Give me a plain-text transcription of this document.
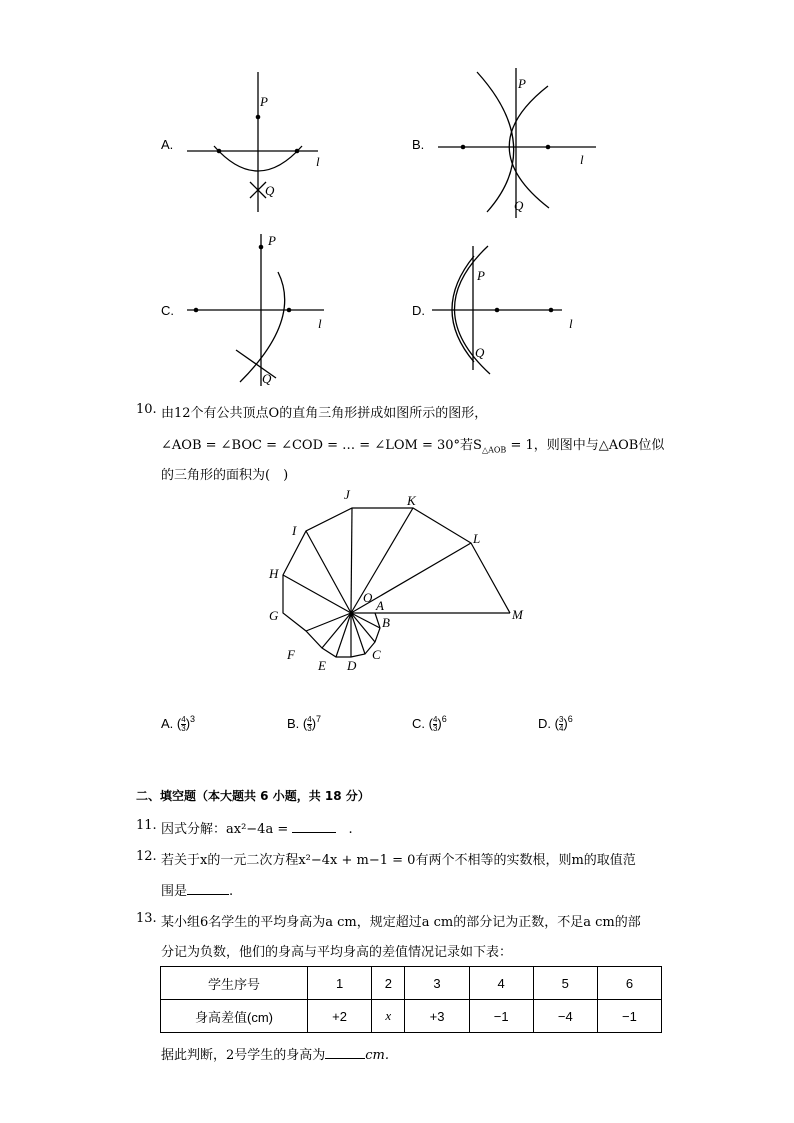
P
Q
l
P
Q
l
P
Q
l
P
Q
l
A.	B.
C.	D.
10. 由12个有公共顶点O的直角三角形拼成如图所示的图形，
∠AOB = ∠BOC = ∠COD = … = ∠LOM = 30°若$S_{\triangle AOB} = 1$，则图中与△AOB位似
的三角形的面积为(　)
O
A
B
C
D
E
F
G
H
I
J	K
L
M
A. ( $\frac{4}{3} )^3$	B. ( $\frac{4}{3} )^7$	C. ( $\frac{4}{3} )^6$	D. ( $\frac{3}{4} )^6$
二、填空题（本大题共 6 小题，共 18 分）
11. 因式分解：ax²−4a =	.
12. 若关于x的一元二次方程x²−4x + m−1 = 0有两个不相等的实数根，则m的取值范
围是	.
13. 某小组6名学生的平均身高为a cm，规定超过a cm的部分记为正数，不足a cm的部
分记为负数，他们的身高与平均身高的差值情况记录如下表：
学生序号	1	2	3	4	5	6
身高差值(cm)	+2	x	+3	−1	−4	−1
据此判断，2号学生的身高为	cm.
